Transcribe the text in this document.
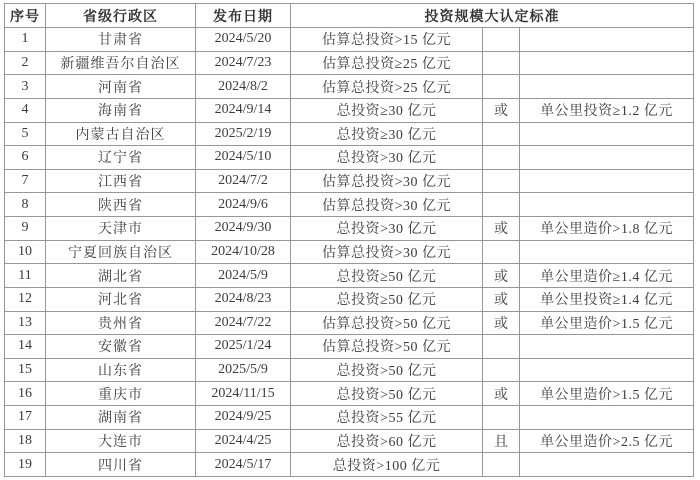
序号	省级行政区	发布日期	投资规模大认定标准		
1	甘肃省	2024/5/20	估算总投资>15 亿元		
2	新疆维吾尔自治区	2024/7/23	估算总投资≥25 亿元		
3	河南省	2024/8/2	估算总投资>25 亿元		
4	海南省	2024/9/14	总投资≥30 亿元	或	单公里投资≥1.2 亿元
5	内蒙古自治区	2025/2/19	总投资≥30 亿元		
6	辽宁省	2024/5/10	总投资>30 亿元		
7	江西省	2024/7/2	估算总投资>30 亿元		
8	陕西省	2024/9/6	估算总投资>30 亿元		
9	天津市	2024/9/30	总投资>30 亿元	或	单公里造价>1.8 亿元
10	宁夏回族自治区	2024/10/28	估算总投资>30 亿元		
11	湖北省	2024/5/9	总投资≥50 亿元	或	单公里造价≥1.4 亿元
12	河北省	2024/8/23	总投资≥50 亿元	或	单公里投资≥1.4 亿元
13	贵州省	2024/7/22	估算总投资>50 亿元	或	单公里造价>1.5 亿元
14	安徽省	2025/1/24	估算总投资>50 亿元		
15	山东省	2025/5/9	总投资>50 亿元		
16	重庆市	2024/11/15	总投资>50 亿元	或	单公里造价>1.5 亿元
17	湖南省	2024/9/25	总投资>55 亿元		
18	大连市	2024/4/25	总投资>60 亿元	且	单公里造价>2.5 亿元
19	四川省	2024/5/17	总投资>100 亿元		
